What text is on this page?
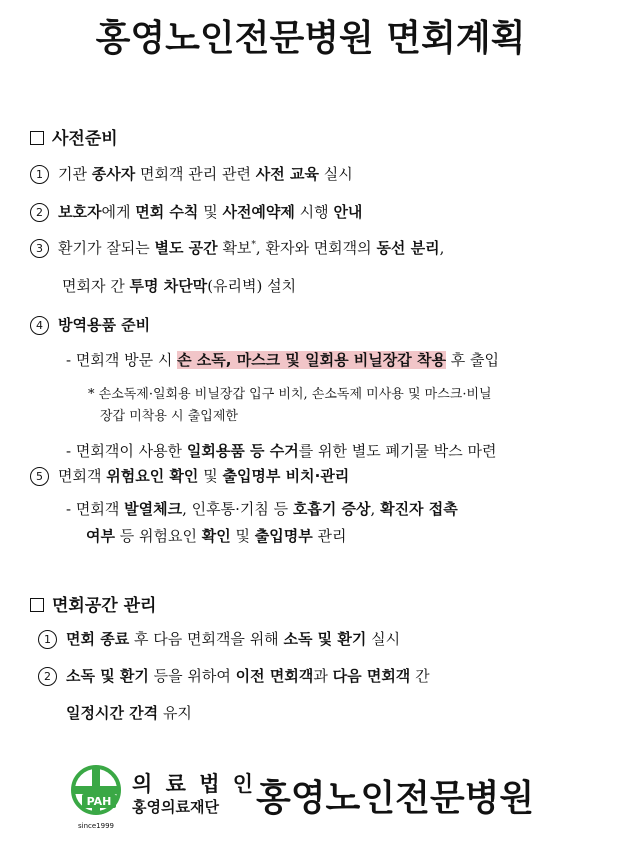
홍영노인전문병원 면회계획
사전준비
1 기관 종사자 면회객 관리 관련 사전 교육 실시
2 보호자에게 면회 수칙 및 사전예약제 시행 안내
3 환기가 잘되는 별도 공간 확보*, 환자와 면회객의 동선 분리,
면회자 간 투명 차단막(유리벽) 설치
4 방역용품 준비
- 면회객 방문 시 손 소독, 마스크 및 일회용 비닐장갑 착용 후 출입
* 손소독제·일회용 비닐장갑 입구 비치, 손소독제 미사용 및 마스크·비닐
장갑 미착용 시 출입제한
- 면회객이 사용한 일회용품 등 수거를 위한 별도 폐기물 박스 마련
5 면회객 위험요인 확인 및 출입명부 비치·관리
- 면회객 발열체크, 인후통·기침 등 호흡기 증상, 확진자 접촉
여부 등 위험요인 확인 및 출입명부 관리
면회공간 관리
1 면회 종료 후 다음 면회객을 위해 소독 및 환기 실시
2 소독 및 환기 등을 위하여 이전 면회객과 다음 면회객 간
일정시간 간격 유지
PAH
since1999
의 료 법 인
홍영의료재단 홍영노인전문병원
